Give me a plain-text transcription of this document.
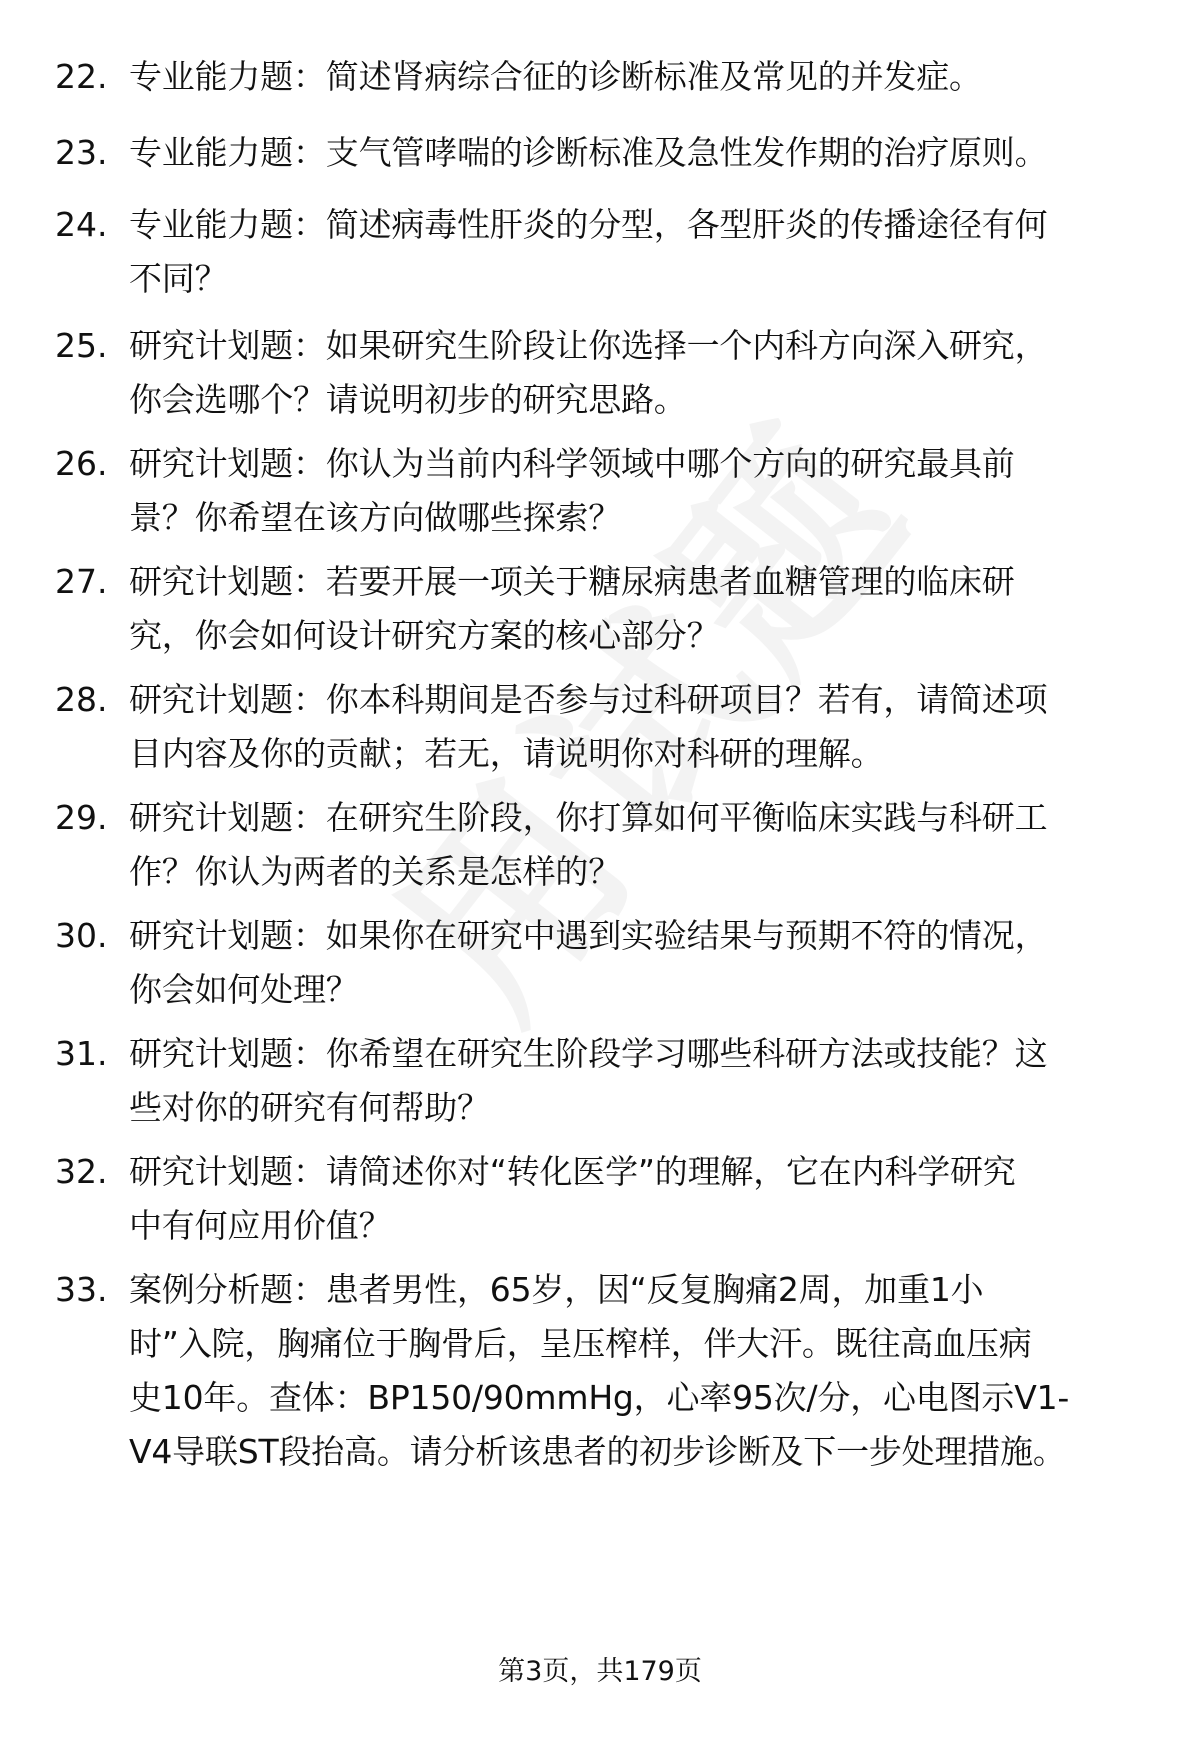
22. 专业能力题：简述肾病综合征的诊断标准及常见的并发症。
23. 专业能力题：支气管哮喘的诊断标准及急性发作期的治疗原则。
24. 专业能力题：简述病毒性肝炎的分型，各型肝炎的传播途径有何
不同？
25. 研究计划题：如果研究生阶段让你选择一个内科方向深入研究，
你会选哪个？请说明初步的研究思路。
26. 研究计划题：你认为当前内科学领域中哪个方向的研究最具前
景？你希望在该方向做哪些探索？
27. 研究计划题：若要开展一项关于糖尿病患者血糖管理的临床研
究，你会如何设计研究方案的核心部分？
28. 研究计划题：你本科期间是否参与过科研项目？若有，请简述项
目内容及你的贡献；若无，请说明你对科研的理解。
29. 研究计划题：在研究生阶段，你打算如何平衡临床实践与科研工
作？你认为两者的关系是怎样的？
30. 研究计划题：如果你在研究中遇到实验结果与预期不符的情况，
你会如何处理？
31. 研究计划题：你希望在研究生阶段学习哪些科研方法或技能？这
些对你的研究有何帮助？
32. 研究计划题：请简述你对“转化医学”的理解，它在内科学研究
中有何应用价值？
33. 案例分析题：患者男性，65岁，因“反复胸痛2周，加重1小
时”入院，胸痛位于胸骨后，呈压榨样，伴大汗。既往高血压病
史10年。查体：BP150/90mmHg，心率95次/分，心电图示V1-
V4导联ST段抬高。请分析该患者的初步诊断及下一步处理措施。
第3页，共179页
